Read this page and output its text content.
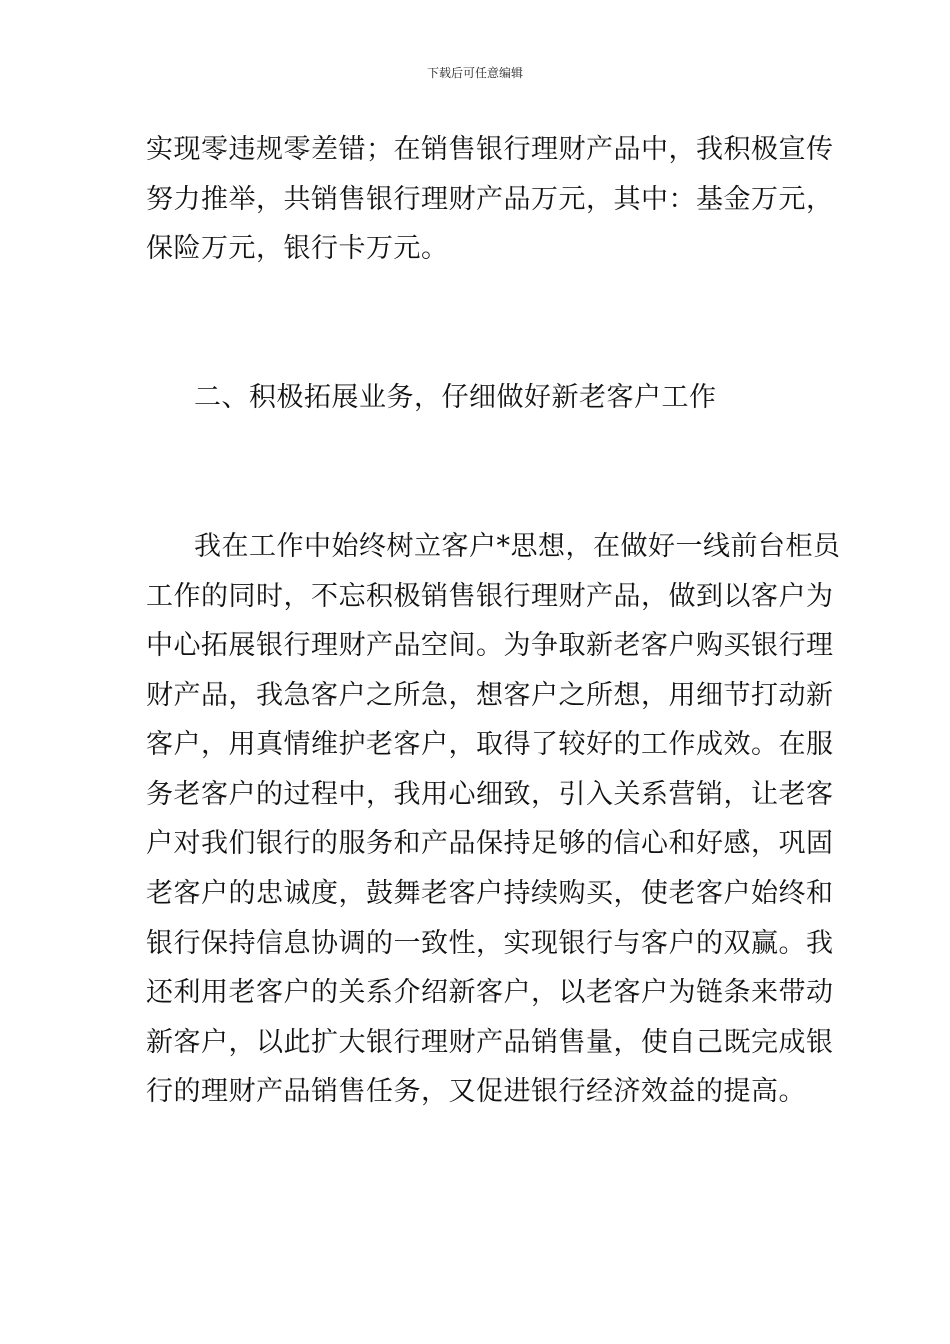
下载后可任意编辑
实现零违规零差错；在销售银行理财产品中，我积极宣传
努力推举，共销售银行理财产品万元，其中：基金万元，
保险万元，银行卡万元。
二、积极拓展业务，仔细做好新老客户工作
我在工作中始终树立客户*思想，在做好一线前台柜员
工作的同时，不忘积极销售银行理财产品，做到以客户为
中心拓展银行理财产品空间。为争取新老客户购买银行理
财产品，我急客户之所急，想客户之所想，用细节打动新
客户，用真情维护老客户，取得了较好的工作成效。在服
务老客户的过程中，我用心细致，引入关系营销，让老客
户对我们银行的服务和产品保持足够的信心和好感，巩固
老客户的忠诚度，鼓舞老客户持续购买，使老客户始终和
银行保持信息协调的一致性，实现银行与客户的双赢。我
还利用老客户的关系介绍新客户，以老客户为链条来带动
新客户，以此扩大银行理财产品销售量，使自己既完成银
行的理财产品销售任务，又促进银行经济效益的提高。
